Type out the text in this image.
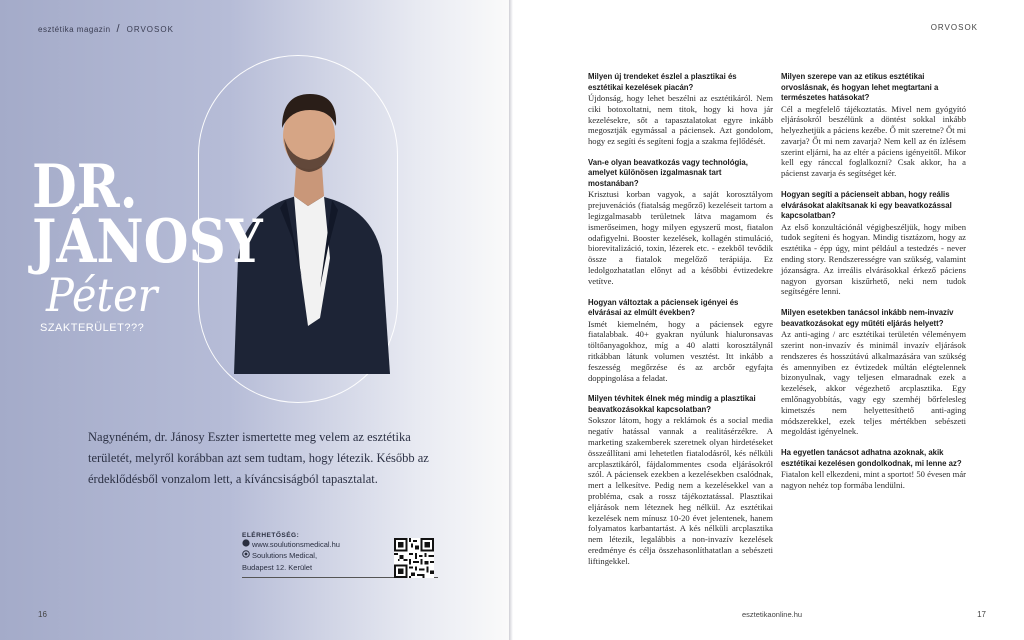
esztétika magazin / ORVOSOK
DR.
JÁNOSY
Péter
SZAKTERÜLET???
Nagynéném, dr. Jánosy Eszter ismertette meg velem az esztétika területét, melyről korábban azt sem tudtam, hogy létezik. Később az érdeklődésből vonzalom lett, a kíváncsiságból tapasztalat.
ELÉRHETŐSÉG:
www.soulutionsmedical.hu
Soulutions Medical,
Budapest 12. Kerület
16
ORVOSOK
17
esztetikaonline.hu

Milyen új trendeket észlel a plasztikai és esztétikai kezelések piacán?

Újdonság, hogy lehet beszélni az esztétikáról. Nem ciki botoxoltatni, nem titok, hogy ki hova jár kezelésekre, sőt a tapasztalatokat egyre inkább megosztják egymással a páciensek. Azt gondolom, hogy ez segíti és segíteni fogja a szakma fejlődését.

Van-e olyan beavatkozás vagy technológia, amelyet különösen izgalmasnak tart mostanában?

Krisztusi korban vagyok, a saját korosztályom prejuvenációs (fiatalság megőrző) kezeléseit tartom a legizgalmasabb területnek látva magamom és ismerőseimen, hogy milyen egyszerű most, fiatalon odafigyelni. Booster kezelések, kollagén stimuláció, biorevitalizáció, toxin, lézerek etc. - ezekből tevődik össze a fiatalok megelőző terápiája. Ez ledolgozhatatlan előnyt ad a későbbi évtizedekre vetítve.

Hogyan változtak a páciensek igényei és elvárásai az elmúlt években?

Ismét kiemelném, hogy a páciensek egyre fiatalabbak. 40+ gyakran nyúlunk hialuronsavas töltőanyagokhoz, míg a 40 alatti korosztálynál ritkábban látunk volumen vesztést. Itt inkább a feszesség megőrzése és az arcbőr egyfajta doppingolása a feladat.

Milyen tévhitek élnek még mindig a plasztikai beavatkozásokkal kapcsolatban?

Sokszor látom, hogy a reklámok és a social media negatív hatással vannak a realitásérzékre. A marketing szakemberek szeretnek olyan hirdetéseket összeállítani ami lehetetlen fiatalodásról, kés nélküli arcplasztikáról, fájdalommentes csoda eljárásokról szól. A páciensek ezekben a kezelésekben csalódnak, mert a lelkesítve. Pedig nem a kezelésekkel van a probléma, csak a rossz tájékoztatással. Plasztikai eljárások nem léteznek heg nélkül. Az esztétikai kezelések nem mínusz 10-20 évet jelentenek, hanem folyamatos karbantartást. A kés nélküli arcplasztika nem létezik, legalábbis a non-invazív kezelések eredménye és célja összehasonlíthatatlan a sebészeti liftingekkel.

Milyen szerepe van az etikus esztétikai orvoslásnak, és hogyan lehet megtartani a természetes hatásokat?

Cél a megfelelő tájékoztatás. Mivel nem gyógyító eljárásokról beszélünk a döntést sokkal inkább helyezhetjük a páciens kezébe. Ő mit szeretne? Őt mi zavarja? Őt mi nem zavarja? Nem kell az én ízlésem szerint eljárni, ha az eltér a páciens igényeitől. Mikor kell egy ránccal foglalkozni? Csak akkor, ha a pácienst zavarja és segítséget kér.

Hogyan segíti a pácienseit abban, hogy reális elvárásokat alakítsanak ki egy beavatkozással kapcsolatban?

Az első konzultációnál végigbeszéljük, hogy miben tudok segíteni és hogyan. Mindig tisztázom, hogy az esztétika - épp úgy, mint például a testedzés - never ending story. Rendszerességre van szükség, valamint józanságra. Az irreális elvárásokkal érkező páciens nagyon gyorsan kiszűrhető, neki nem tudok segítségére lenni.

Milyen esetekben tanácsol inkább nem-invazív beavatkozásokat egy műtéti eljárás helyett?

Az anti-aging / arc esztétikai területén véleményem szerint non-invazív és minimál invazív eljárások rendszeres és hosszútávú alkalmazására van szükség és amennyiben ez évtizedek múltán elégtelennek bizonyulnak, vagy teljesen elmaradnak ezek a kezelések, akkor végezhető arcplasztika. Egy emlőnagyobbítás, vagy egy szemhéj bőrfelesleg kimetszés nem helyettesíthető anti-aging módszerekkel, ezek teljes mértékben sebészeti megoldást igényelnek.

Ha egyetlen tanácsot adhatna azoknak, akik esztétikai kezelésen gondolkodnak, mi lenne az?

Fiatalon kell elkezdeni, mint a sportot! 50 évesen már nagyon nehéz top formába lendülni.
